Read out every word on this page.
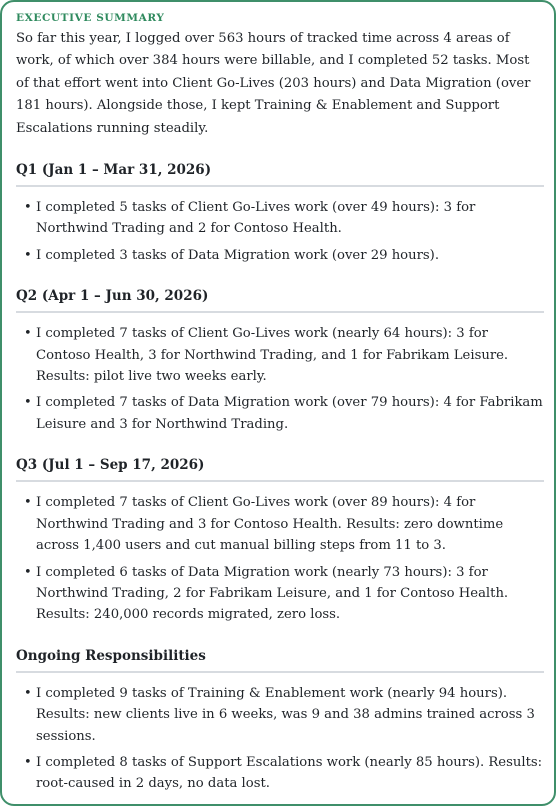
EXECUTIVE SUMMARY

So far this year, I logged over 563 hours of tracked time across 4 areas of work, of which over 384 hours were billable, and I completed 52 tasks. Most of that effort went into Client Go-Lives (203 hours) and Data Migration (over 181 hours). Alongside those, I kept Training & Enablement and Support Escalations running steadily.

Q1 (Jan 1 – Mar 31, 2026)

• I completed 5 tasks of Client Go-Lives work (over 49 hours): 3 for Northwind Trading and 2 for Contoso Health.
• I completed 3 tasks of Data Migration work (over 29 hours).

Q2 (Apr 1 – Jun 30, 2026)

• I completed 7 tasks of Client Go-Lives work (nearly 64 hours): 3 for Contoso Health, 3 for Northwind Trading, and 1 for Fabrikam Leisure. Results: pilot live two weeks early.
• I completed 7 tasks of Data Migration work (over 79 hours): 4 for Fabrikam Leisure and 3 for Northwind Trading.

Q3 (Jul 1 – Sep 17, 2026)

• I completed 7 tasks of Client Go-Lives work (over 89 hours): 4 for Northwind Trading and 3 for Contoso Health. Results: zero downtime across 1,400 users and cut manual billing steps from 11 to 3.
• I completed 6 tasks of Data Migration work (nearly 73 hours): 3 for Northwind Trading, 2 for Fabrikam Leisure, and 1 for Contoso Health. Results: 240,000 records migrated, zero loss.

Ongoing Responsibilities

• I completed 9 tasks of Training & Enablement work (nearly 94 hours). Results: new clients live in 6 weeks, was 9 and 38 admins trained across 3 sessions.
• I completed 8 tasks of Support Escalations work (nearly 85 hours). Results: root-caused in 2 days, no data lost.
